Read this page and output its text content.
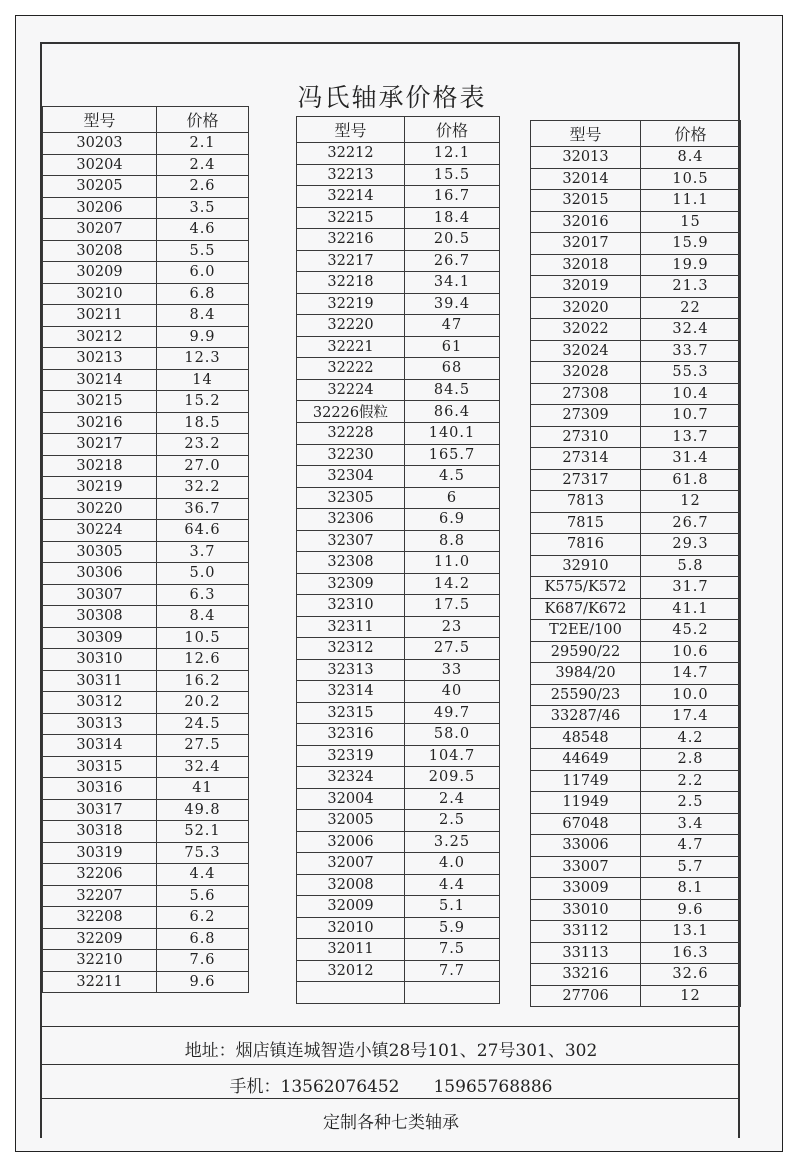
冯氏轴承价格表
型号	价格
30203	2.1
30204	2.4
30205	2.6
30206	3.5
30207	4.6
30208	5.5
30209	6.0
30210	6.8
30211	8.4
30212	9.9
30213	12.3
30214	14
30215	15.2
30216	18.5
30217	23.2
30218	27.0
30219	32.2
30220	36.7
30224	64.6
30305	3.7
30306	5.0
30307	6.3
30308	8.4
30309	10.5
30310	12.6
30311	16.2
30312	20.2
30313	24.5
30314	27.5
30315	32.4
30316	41
30317	49.8
30318	52.1
30319	75.3
32206	4.4
32207	5.6
32208	6.2
32209	6.8
32210	7.6
32211	9.6
型号	价格
32212	12.1
32213	15.5
32214	16.7
32215	18.4
32216	20.5
32217	26.7
32218	34.1
32219	39.4
32220	47
32221	61
32222	68
32224	84.5
32226假粒	86.4
32228	140.1
32230	165.7
32304	4.5
32305	6
32306	6.9
32307	8.8
32308	11.0
32309	14.2
32310	17.5
32311	23
32312	27.5
32313	33
32314	40
32315	49.7
32316	58.0
32319	104.7
32324	209.5
32004	2.4
32005	2.5
32006	3.25
32007	4.0
32008	4.4
32009	5.1
32010	5.9
32011	7.5
32012	7.7

型号	价格
32013	8.4
32014	10.5
32015	11.1
32016	15
32017	15.9
32018	19.9
32019	21.3
32020	22
32022	32.4
32024	33.7
32028	55.3
27308	10.4
27309	10.7
27310	13.7
27314	31.4
27317	61.8
7813	12
7815	26.7
7816	29.3
32910	5.8
K575/K572	31.7
K687/K672	41.1
T2EE/100	45.2
29590/22	10.6
3984/20	14.7
25590/23	10.0
33287/46	17.4
48548	4.2
44649	2.8
11749	2.2
11949	2.5
67048	3.4
33006	4.7
33007	5.7
33009	8.1
33010	9.6
33112	13.1
33113	16.3
33216	32.6
27706	12
地址：烟店镇连城智造小镇28号101、27号301、302
手机：13562076452　　15965768886
定制各种七类轴承
